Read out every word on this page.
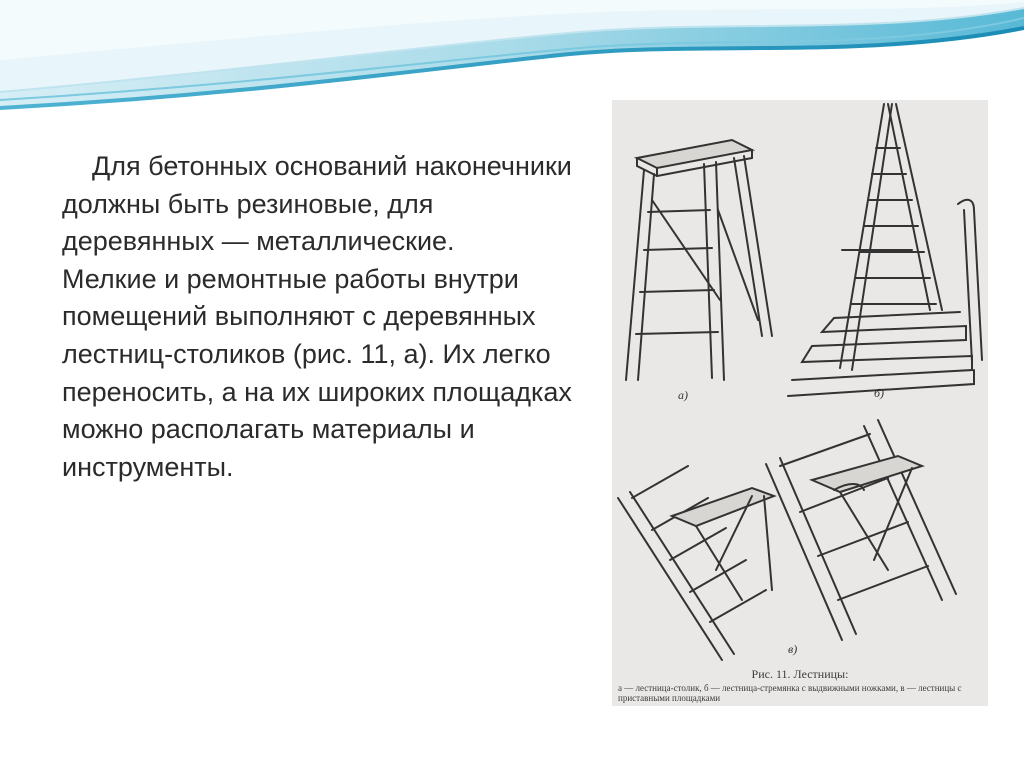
Для бетонных оснований наконечники должны быть резиновые, для деревянных — металлические.

Мелкие и ремонтные работы внутри помещений выполняют с деревянных лестниц-столиков (рис. 11, а). Их легко переносить, а на их широких площадках можно располагать материалы и инструменты.

а)	б)
в)
Рис. 11. Лестницы:
а — лестница-столик, б — лестница-стремянка с выдвижными ножками, в — лестницы с приставными площадками
